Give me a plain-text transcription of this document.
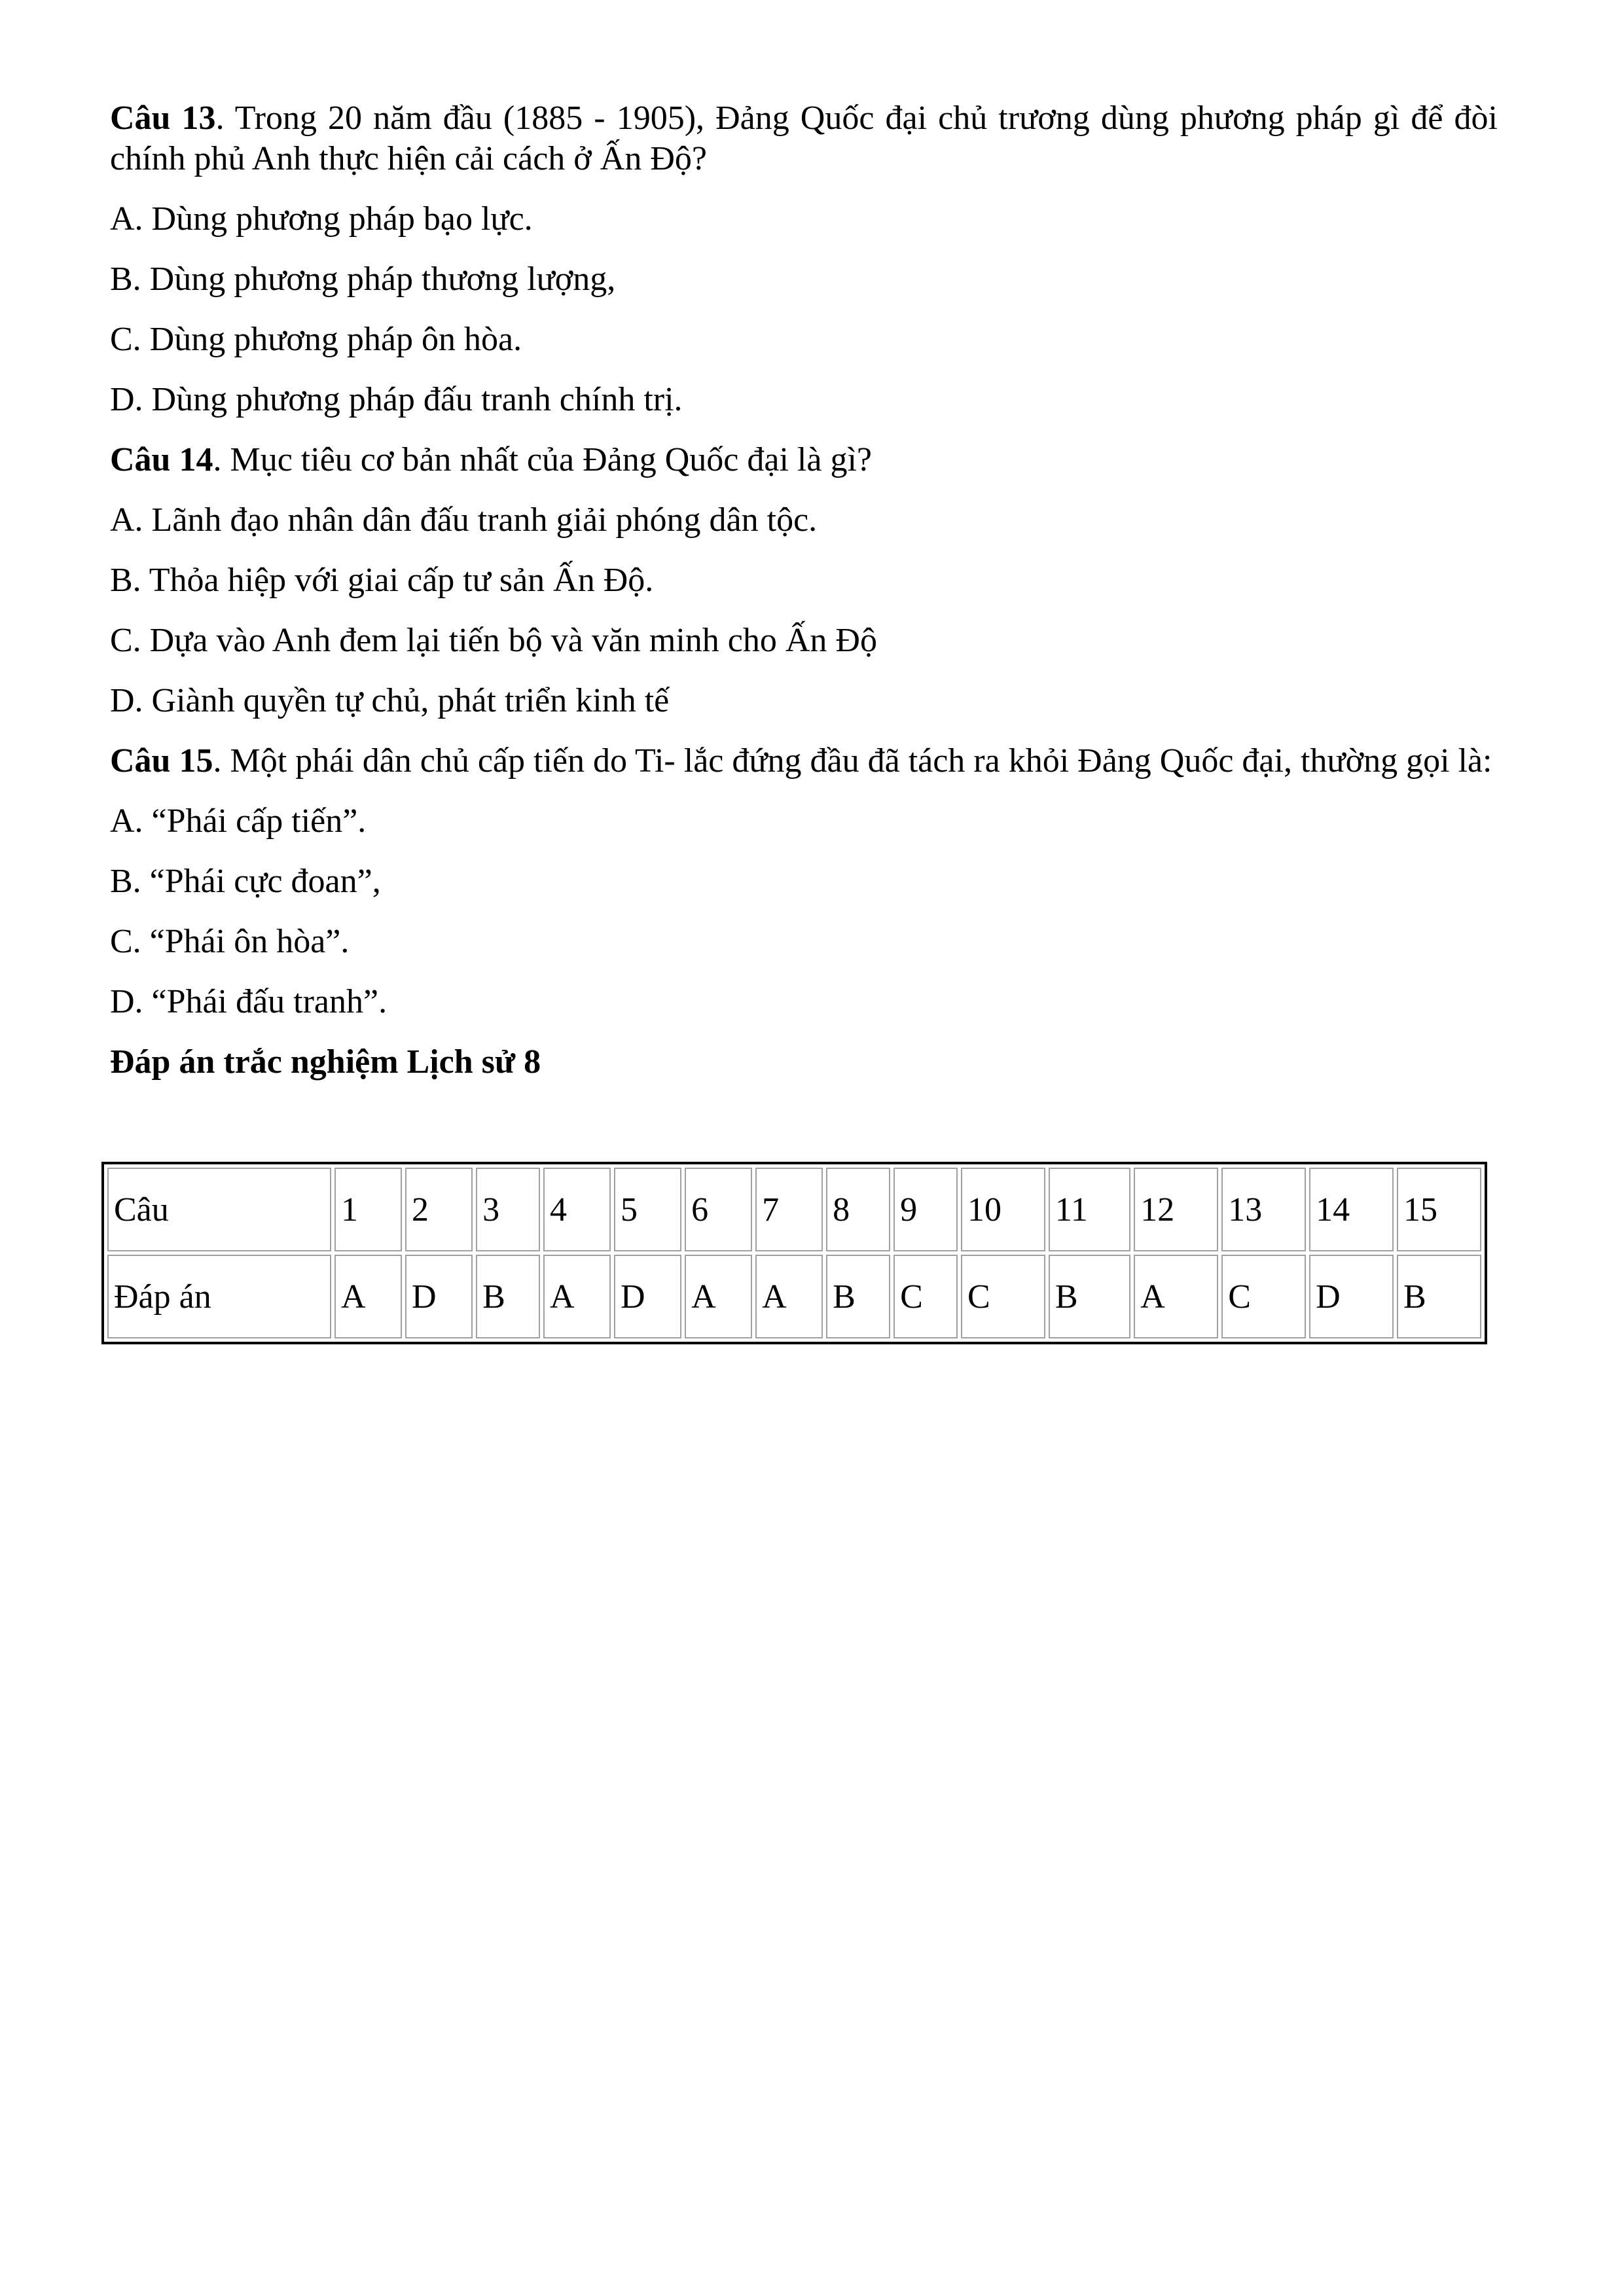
Câu 13. Trong 20 năm đầu (1885 - 1905), Đảng Quốc đại chủ trương dùng phương pháp gì để đòi chính phủ Anh thực hiện cải cách ở Ấn Độ?

A. Dùng phương pháp bạo lực.

B. Dùng phương pháp thương lượng,

C. Dùng phương pháp ôn hòa.

D. Dùng phương pháp đấu tranh chính trị.

Câu 14. Mục tiêu cơ bản nhất của Đảng Quốc đại là gì?

A. Lãnh đạo nhân dân đấu tranh giải phóng dân tộc.

B. Thỏa hiệp với giai cấp tư sản Ấn Độ.

C. Dựa vào Anh đem lại tiến bộ và văn minh cho Ấn Độ

D. Giành quyền tự chủ, phát triển kinh tế

Câu 15. Một phái dân chủ cấp tiến do Ti- lắc đứng đầu đã tách ra khỏi Đảng Quốc đại, thường gọi là:

A. “Phái cấp tiến”.

B. “Phái cực đoan”,

C. “Phái ôn hòa”.

D. “Phái đấu tranh”.

Đáp án trắc nghiệm Lịch sử 8

Câu	1	2	3	4	5	6	7	8	9	10	11	12	13	14	15
Đáp án	A	D	B	A	D	A	A	B	C	C	B	A	C	D	B
